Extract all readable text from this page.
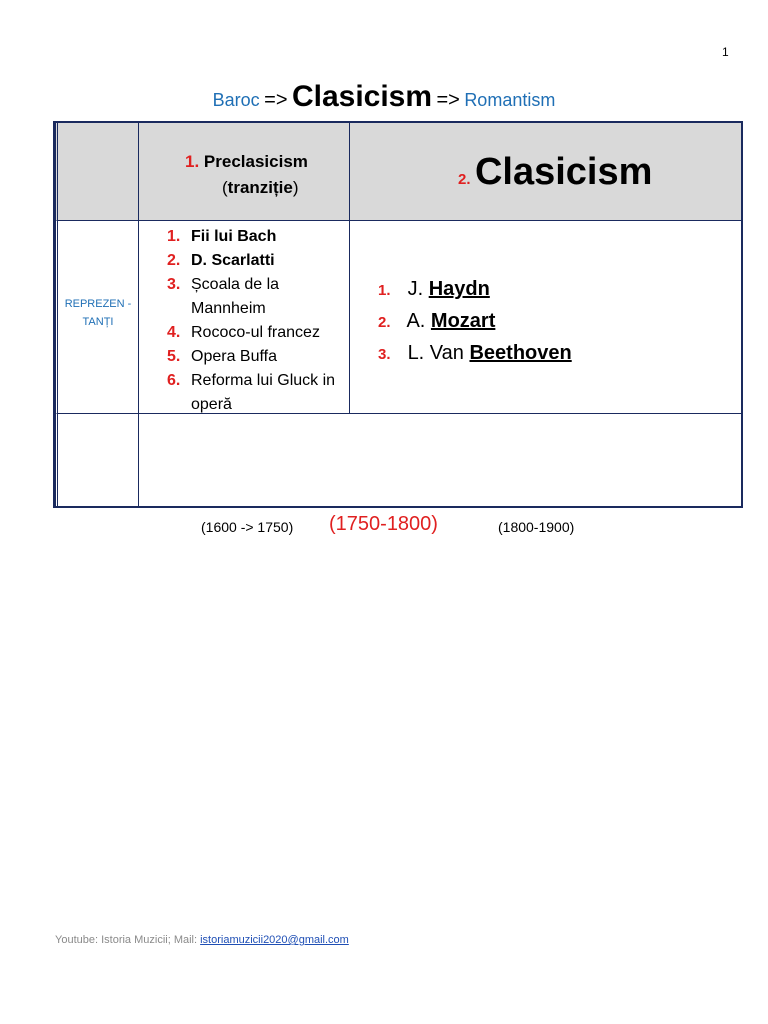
1
Baroc => Clasicism => Romantism
1. Preclasicism
(tranziție)	2. Clasicism
REPREZEN -
TANȚI
1. Fii lui Bach
2. D. Scarlatti
3. Școala de la Mannheim
4. Rococo-ul francez
5. Opera Buffa
6. Reforma lui Gluck in operă
1. J. Haydn
2. A. Mozart
3. L. Van Beethoven
(1600 -> 1750) (1750-1800)	(1800-1900)
Youtube: Istoria Muzicii; Mail: istoriamuzicii2020@gmail.com
